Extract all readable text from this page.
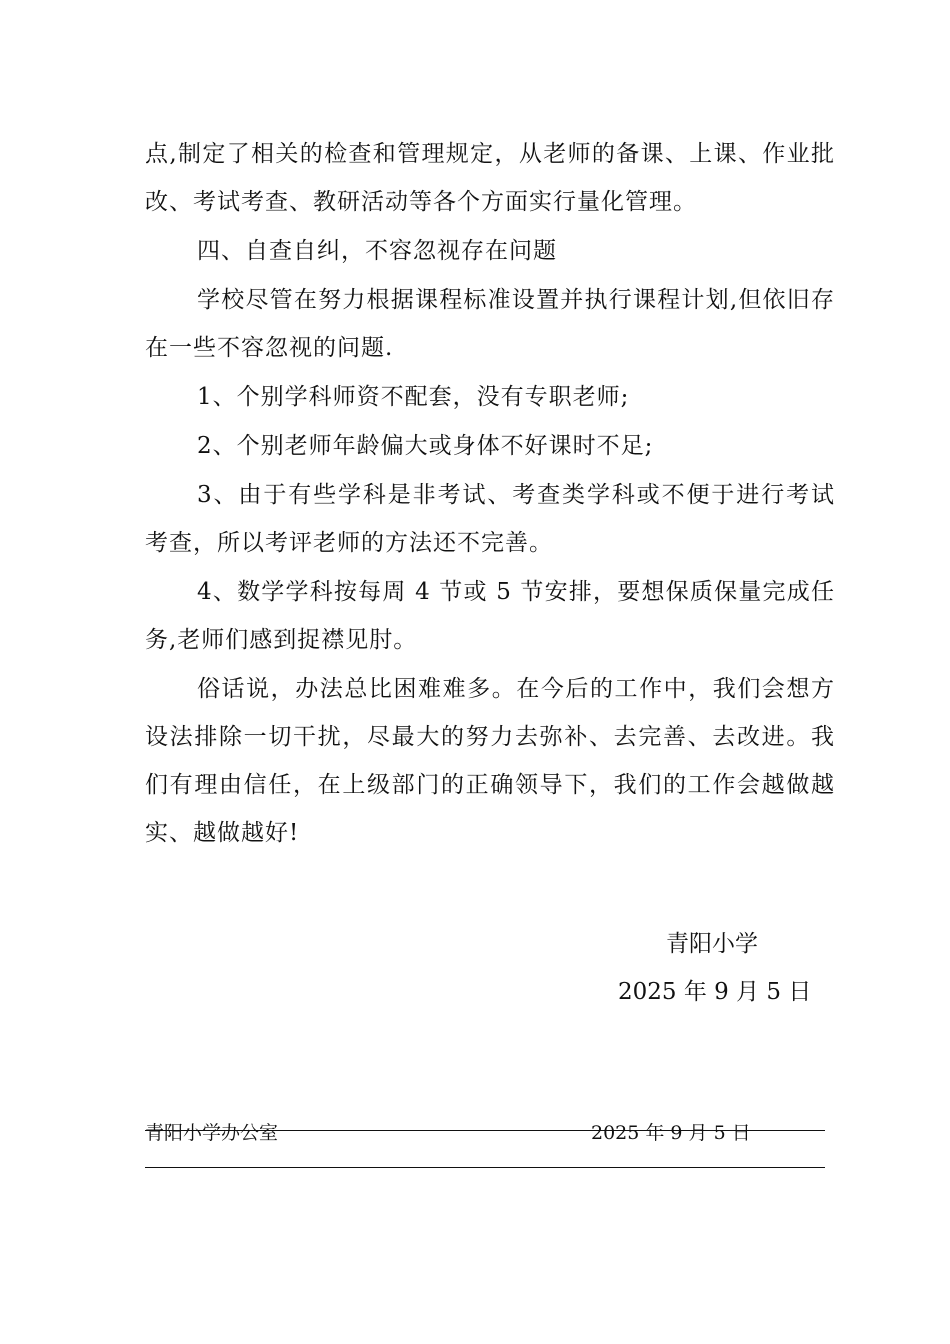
点,制定了相关的检查和管理规定，从老师的备课、上课、作业批改、考试考查、教研活动等各个方面实行量化管理。

四、自查自纠，不容忽视存在问题

学校尽管在努力根据课程标准设置并执行课程计划,但依旧存在一些不容忽视的问题.

1、个别学科师资不配套，没有专职老师;

2、个别老师年龄偏大或身体不好课时不足;

3、由于有些学科是非考试、考查类学科或不便于进行考试考查，所以考评老师的方法还不完善。

4、数学学科按每周 4 节或 5 节安排，要想保质保量完成任务,老师们感到捉襟见肘。

俗话说，办法总比困难难多。在今后的工作中，我们会想方设法排除一切干扰，尽最大的努力去弥补、去完善、去改进。我们有理由信任，在上级部门的正确领导下，我们的工作会越做越实、越做越好!

青阳小学
2025 年 9 月 5 日
青阳小学办公室	2025 年 9 月 5 日
